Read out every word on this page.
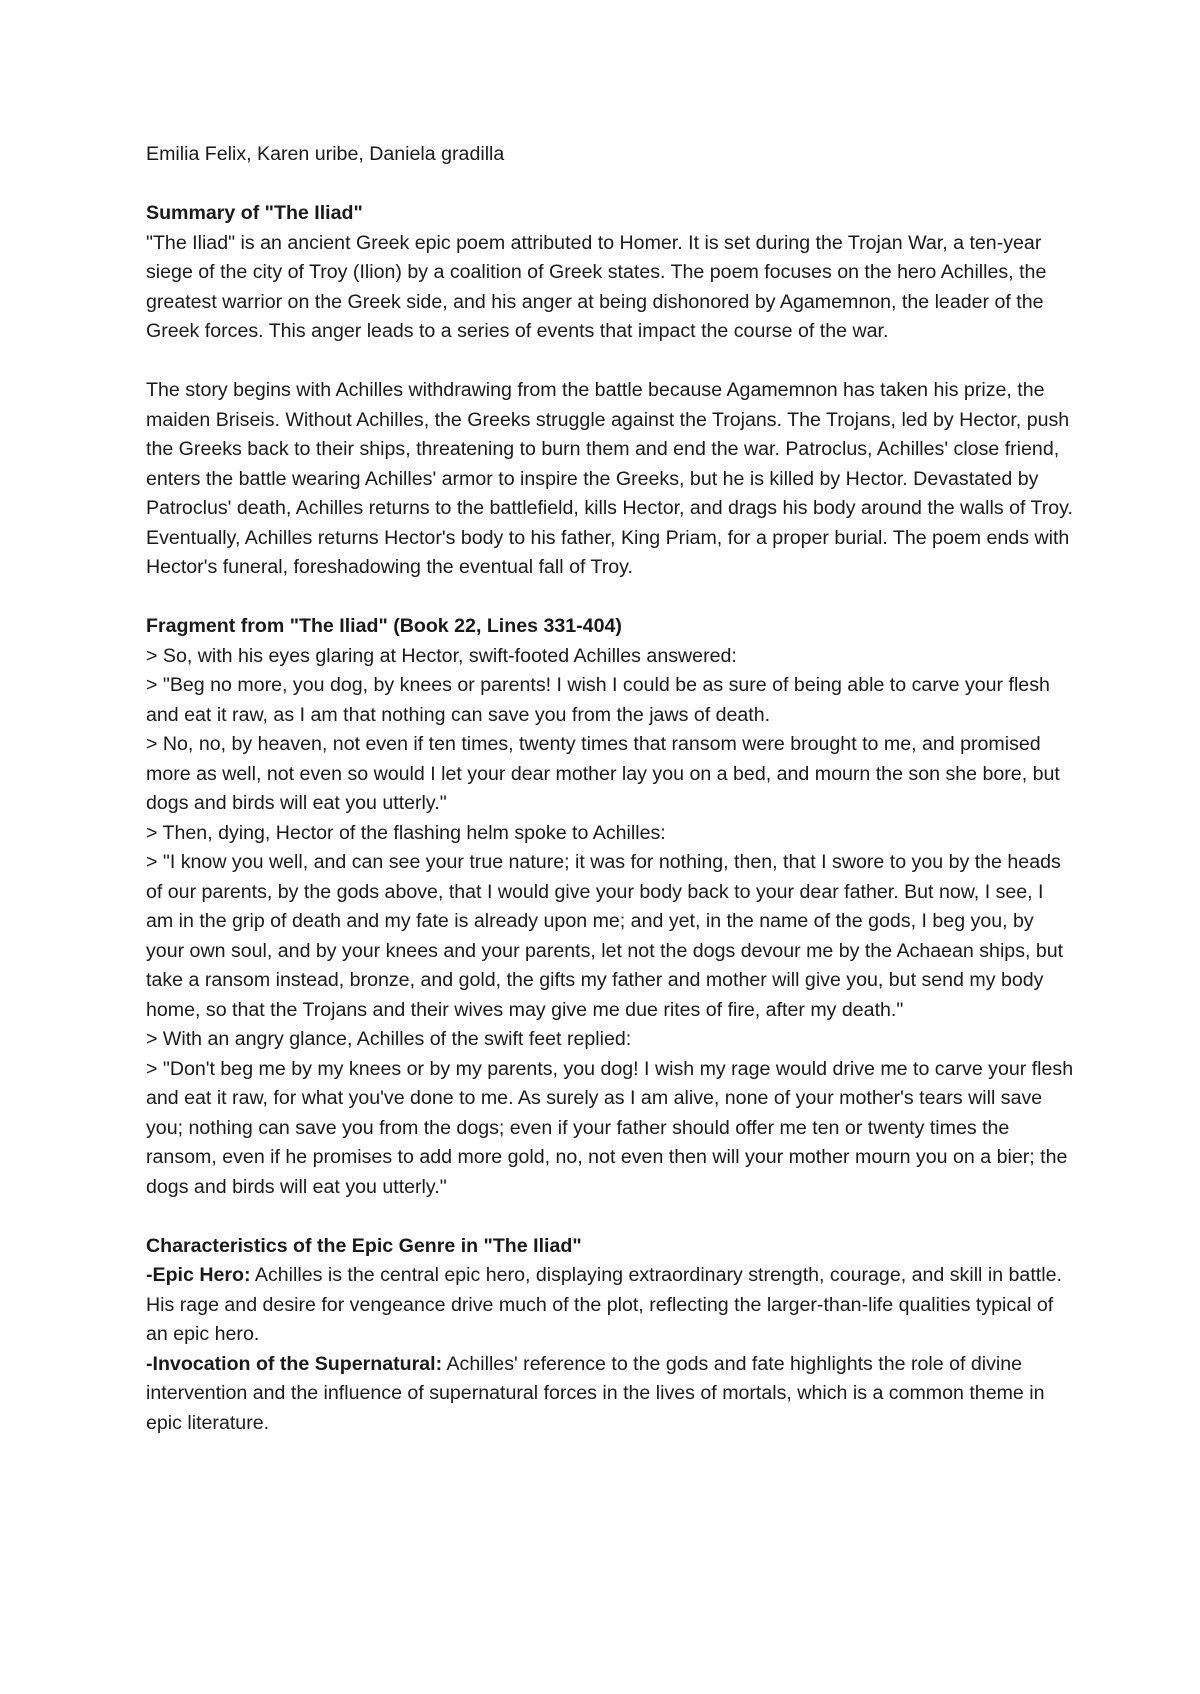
Emilia Felix, Karen uribe, Daniela gradilla

Summary of "The Iliad"

"The Iliad" is an ancient Greek epic poem attributed to Homer. It is set during the Trojan War, a ten-year siege of the city of Troy (Ilion) by a coalition of Greek states. The poem focuses on the hero Achilles, the greatest warrior on the Greek side, and his anger at being dishonored by Agamemnon, the leader of the Greek forces. This anger leads to a series of events that impact the course of the war.

The story begins with Achilles withdrawing from the battle because Agamemnon has taken his prize, the maiden Briseis. Without Achilles, the Greeks struggle against the Trojans. The Trojans, led by Hector, push the Greeks back to their ships, threatening to burn them and end the war. Patroclus, Achilles' close friend, enters the battle wearing Achilles' armor to inspire the Greeks, but he is killed by Hector. Devastated by Patroclus' death, Achilles returns to the battlefield, kills Hector, and drags his body around the walls of Troy. Eventually, Achilles returns Hector's body to his father, King Priam, for a proper burial. The poem ends with Hector's funeral, foreshadowing the eventual fall of Troy.

Fragment from "The Iliad" (Book 22, Lines 331-404)

> So, with his eyes glaring at Hector, swift-footed Achilles answered:

> "Beg no more, you dog, by knees or parents! I wish I could be as sure of being able to carve your flesh and eat it raw, as I am that nothing can save you from the jaws of death.

> No, no, by heaven, not even if ten times, twenty times that ransom were brought to me, and promised more as well, not even so would I let your dear mother lay you on a bed, and mourn the son she bore, but dogs and birds will eat you utterly."

> Then, dying, Hector of the flashing helm spoke to Achilles:

> "I know you well, and can see your true nature; it was for nothing, then, that I swore to you by the heads of our parents, by the gods above, that I would give your body back to your dear father. But now, I see, I am in the grip of death and my fate is already upon me; and yet, in the name of the gods, I beg you, by your own soul, and by your knees and your parents, let not the dogs devour me by the Achaean ships, but take a ransom instead, bronze, and gold, the gifts my father and mother will give you, but send my body home, so that the Trojans and their wives may give me due rites of fire, after my death."

> With an angry glance, Achilles of the swift feet replied:

> "Don't beg me by my knees or by my parents, you dog! I wish my rage would drive me to carve your flesh and eat it raw, for what you've done to me. As surely as I am alive, none of your mother's tears will save you; nothing can save you from the dogs; even if your father should offer me ten or twenty times the ransom, even if he promises to add more gold, no, not even then will your mother mourn you on a bier; the dogs and birds will eat you utterly."

Characteristics of the Epic Genre in "The Iliad"

-Epic Hero: Achilles is the central epic hero, displaying extraordinary strength, courage, and skill in battle. His rage and desire for vengeance drive much of the plot, reflecting the larger-than-life qualities typical of an epic hero.

-Invocation of the Supernatural: Achilles' reference to the gods and fate highlights the role of divine intervention and the influence of supernatural forces in the lives of mortals, which is a common theme in epic literature.
